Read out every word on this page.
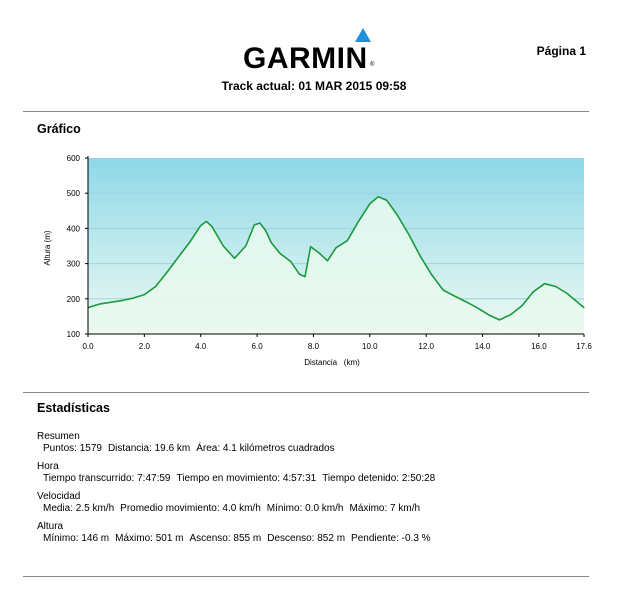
GARMIN ®
Página 1
Track actual: 01 MAR 2015 09:58
Gráfico
600
500
400
300
200
100
0.0	2.0	4.0	6.0	8.0	10.0	12.0	14.0	16.0	17.6
Altura (m)
Distancia   (km)
Estadísticas
Resumen
Puntos: 1579 Distancia: 19.6 km Área: 4.1 kilómetros cuadrados
Hora
Tiempo transcurrido: 7:47:59 Tiempo en movimiento: 4:57:31 Tiempo detenido: 2:50:28
Velocidad
Media: 2.5 km/h Promedio movimiento: 4.0 km/h Mínimo: 0.0 km/h Máximo: 7 km/h
Altura
Mínimo: 146 m Máximo: 501 m Ascenso: 855 m Descenso: 852 m Pendiente: -0.3 %
